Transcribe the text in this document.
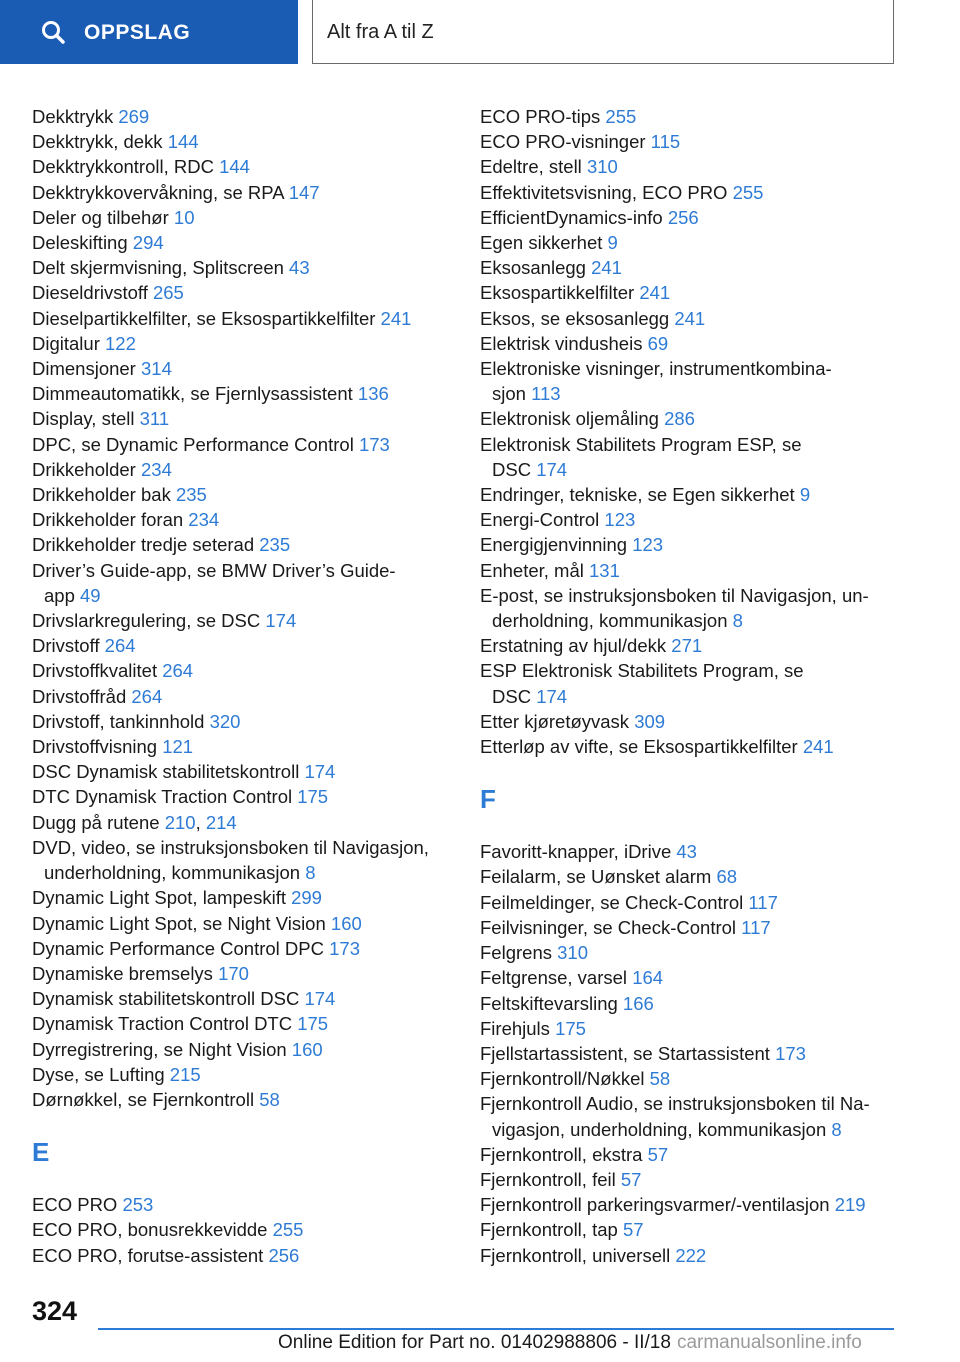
OPPSLAG	Alt fra A til Z
Dekktrykk 269
Dekktrykk, dekk 144
Dekktrykkontroll, RDC 144
Dekktrykkovervåkning, se RPA 147
Deler og tilbehør 10
Deleskifting 294
Delt skjermvisning, Splitscreen 43
Dieseldrivstoff 265
Dieselpartikkelfilter, se Eksospartikkelfilter 241
Digitalur 122
Dimensjoner 314
Dimmeautomatikk, se Fjernlysassistent 136
Display, stell 311
DPC, se Dynamic Performance Control 173
Drikkeholder 234
Drikkeholder bak 235
Drikkeholder foran 234
Drikkeholder tredje seterad 235
Driver’s Guide-app, se BMW Driver’s Guide-
app 49
Drivslarkregulering, se DSC 174
Drivstoff 264
Drivstoffkvalitet 264
Drivstoffråd 264
Drivstoff, tankinnhold 320
Drivstoffvisning 121
DSC Dynamisk stabilitetskontroll 174
DTC Dynamisk Traction Control 175
Dugg på rutene 210, 214
DVD, video, se instruksjonsboken til Navigasjon,
underholdning, kommunikasjon 8
Dynamic Light Spot, lampeskift 299
Dynamic Light Spot, se Night Vision 160
Dynamic Performance Control DPC 173
Dynamiske bremselys 170
Dynamisk stabilitetskontroll DSC 174
Dynamisk Traction Control DTC 175
Dyrregistrering, se Night Vision 160
Dyse, se Lufting 215
Dørnøkkel, se Fjernkontroll 58
E
ECO PRO 253
ECO PRO, bonusrekkevidde 255
ECO PRO, forutse-assistent 256
ECO PRO-tips 255
ECO PRO-visninger 115
Edeltre, stell 310
Effektivitetsvisning, ECO PRO 255
EfficientDynamics-info 256
Egen sikkerhet 9
Eksosanlegg 241
Eksospartikkelfilter 241
Eksos, se eksosanlegg 241
Elektrisk vindusheis 69
Elektroniske visninger, instrumentkombina-
sjon 113
Elektronisk oljemåling 286
Elektronisk Stabilitets Program ESP, se
DSC 174
Endringer, tekniske, se Egen sikkerhet 9
Energi-Control 123
Energigjenvinning 123
Enheter, mål 131
E-post, se instruksjonsboken til Navigasjon, un-
derholdning, kommunikasjon 8
Erstatning av hjul/dekk 271
ESP Elektronisk Stabilitets Program, se
DSC 174
Etter kjøretøyvask 309
Etterløp av vifte, se Eksospartikkelfilter 241
F
Favoritt-knapper, iDrive 43
Feilalarm, se Uønsket alarm 68
Feilmeldinger, se Check-Control 117
Feilvisninger, se Check-Control 117
Felgrens 310
Feltgrense, varsel 164
Feltskiftevarsling 166
Firehjuls 175
Fjellstartassistent, se Startassistent 173
Fjernkontroll/Nøkkel 58
Fjernkontroll Audio, se instruksjonsboken til Na-
vigasjon, underholdning, kommunikasjon 8
Fjernkontroll, ekstra 57
Fjernkontroll, feil 57
Fjernkontroll parkeringsvarmer/-ventilasjon 219
Fjernkontroll, tap 57
Fjernkontroll, universell 222
324
Online Edition for Part no. 01402988806 - II/18 carmanualsonline.info
